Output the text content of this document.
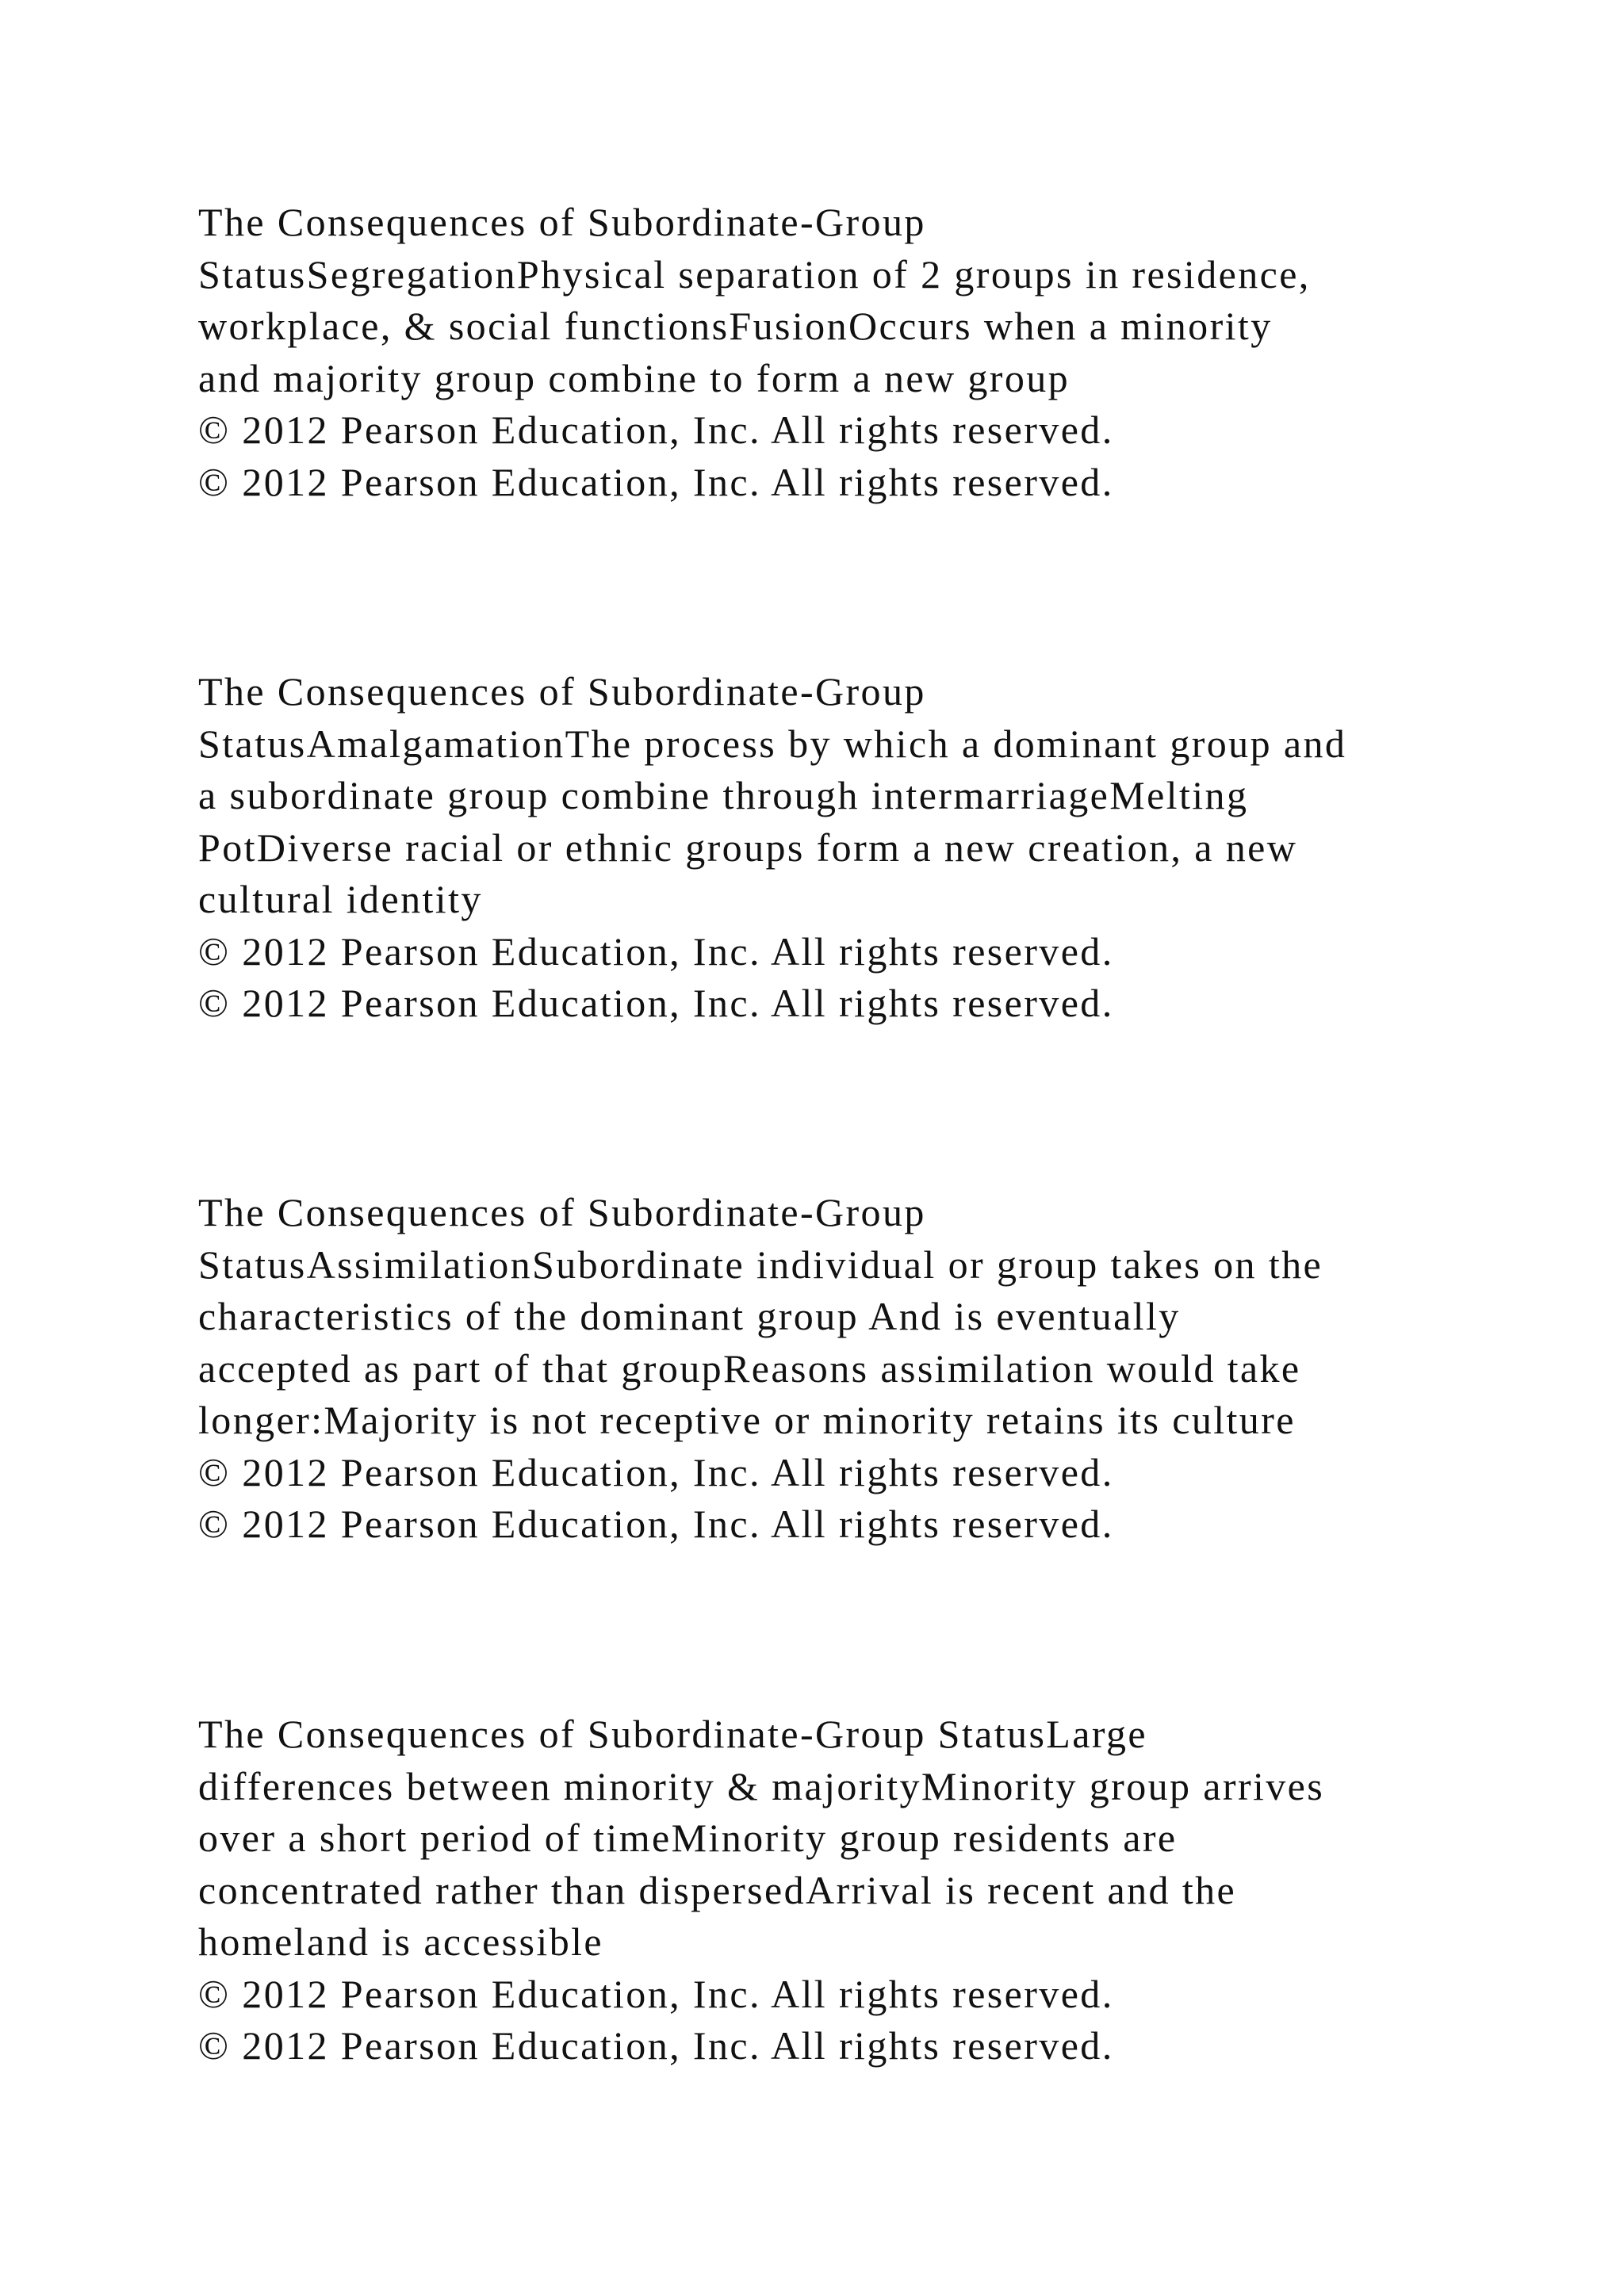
The Consequences of Subordinate-Group
StatusSegregationPhysical separation of 2 groups in residence,
workplace, & social functionsFusionOccurs when a minority
and majority group combine to form a new group
© 2012 Pearson Education, Inc. All rights reserved.
© 2012 Pearson Education, Inc. All rights reserved.
The Consequences of Subordinate-Group
StatusAmalgamationThe process by which a dominant group and
a subordinate group combine through intermarriageMelting
PotDiverse racial or ethnic groups form a new creation, a new
cultural identity
© 2012 Pearson Education, Inc. All rights reserved.
© 2012 Pearson Education, Inc. All rights reserved.
The Consequences of Subordinate-Group
StatusAssimilationSubordinate individual or group takes on the
characteristics of the dominant group And is eventually
accepted as part of that groupReasons assimilation would take
longer:Majority is not receptive or minority retains its culture
© 2012 Pearson Education, Inc. All rights reserved.
© 2012 Pearson Education, Inc. All rights reserved.
The Consequences of Subordinate-Group StatusLarge
differences between minority & majorityMinority group arrives
over a short period of timeMinority group residents are
concentrated rather than dispersedArrival is recent and the
homeland is accessible
© 2012 Pearson Education, Inc. All rights reserved.
© 2012 Pearson Education, Inc. All rights reserved.
